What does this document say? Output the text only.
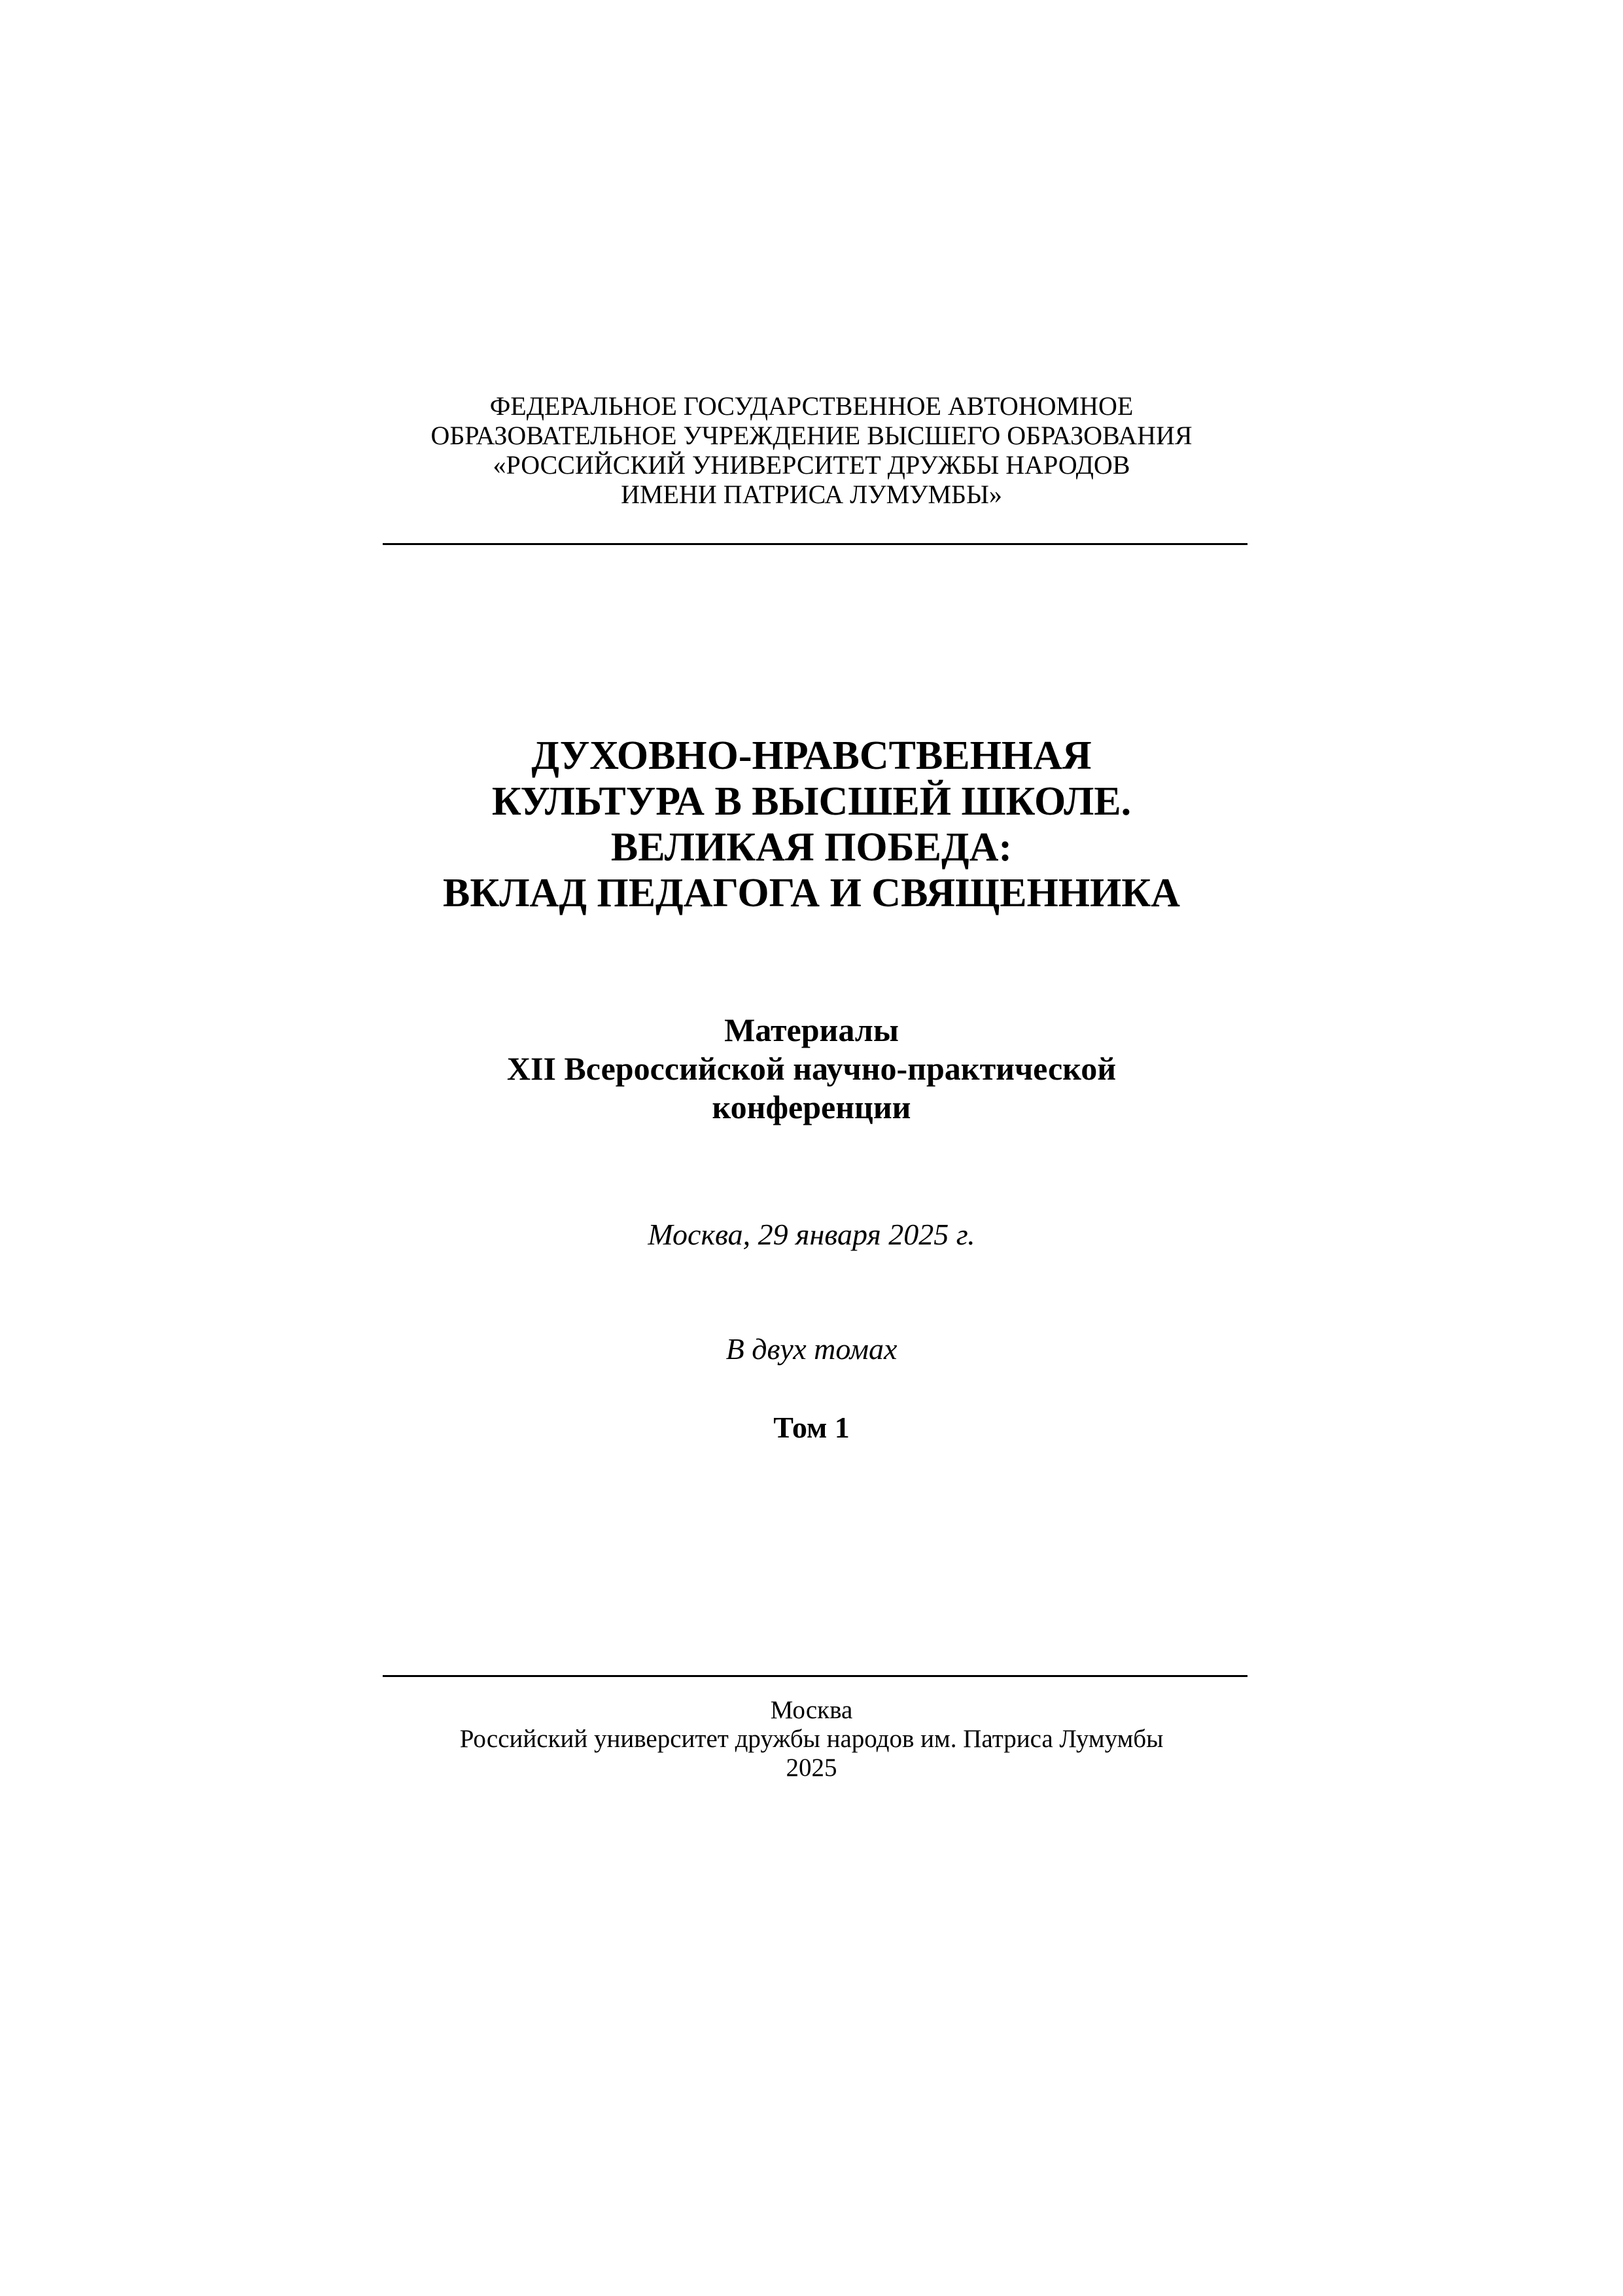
ФЕДЕРАЛЬНОЕ ГОСУДАРСТВЕННОЕ АВТОНОМНОЕ
ОБРАЗОВАТЕЛЬНОЕ УЧРЕЖДЕНИЕ ВЫСШЕГО ОБРАЗОВАНИЯ
«РОССИЙСКИЙ УНИВЕРСИТЕТ ДРУЖБЫ НАРОДОВ
ИМЕНИ ПАТРИСА ЛУМУМБЫ»
ДУХОВНО-НРАВСТВЕННАЯ
КУЛЬТУРА В ВЫСШЕЙ ШКОЛЕ.
ВЕЛИКАЯ ПОБЕДА:
ВКЛАД ПЕДАГОГА И СВЯЩЕННИКА
Материалы
XII Всероссийской научно-практической
конференции
Москва, 29 января 2025 г.
В двух томах
Том 1
Москва
Российский университет дружбы народов им. Патриса Лумумбы
2025
